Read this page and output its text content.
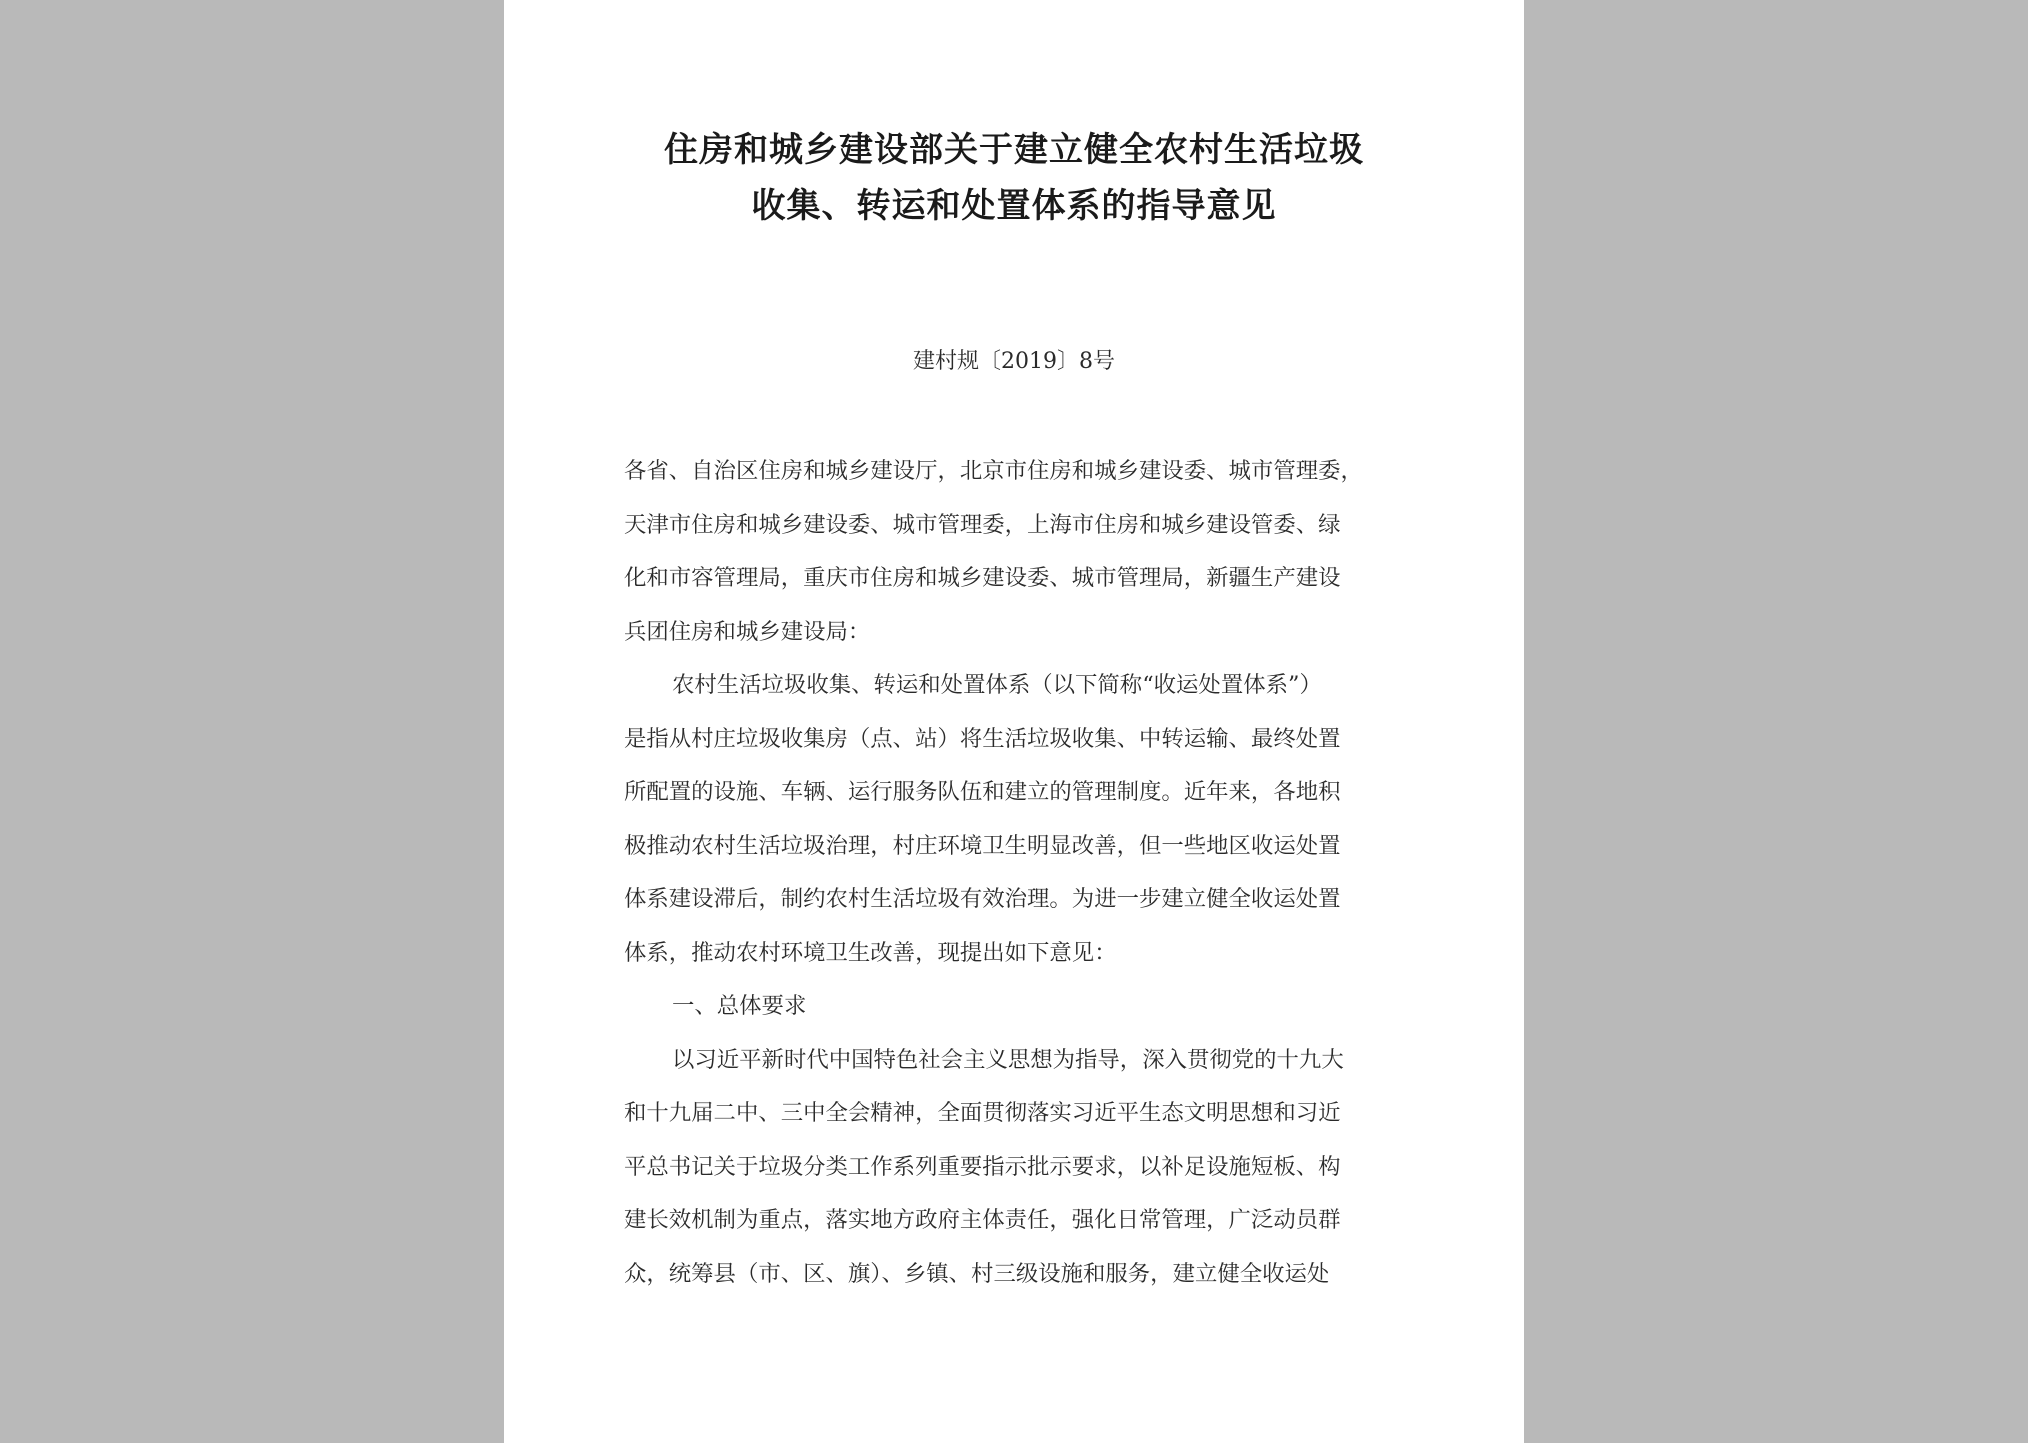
住房和城乡建设部关于建立健全农村生活垃圾
收集、转运和处置体系的指导意见
建村规〔2019〕8号
各省、自治区住房和城乡建设厅，北京市住房和城乡建设委、城市管理委，
天津市住房和城乡建设委、城市管理委，上海市住房和城乡建设管委、绿
化和市容管理局，重庆市住房和城乡建设委、城市管理局，新疆生产建设
兵团住房和城乡建设局：
农村生活垃圾收集、转运和处置体系（以下简称“收运处置体系”）
是指从村庄垃圾收集房（点、站）将生活垃圾收集、中转运输、最终处置
所配置的设施、车辆、运行服务队伍和建立的管理制度。近年来，各地积
极推动农村生活垃圾治理，村庄环境卫生明显改善，但一些地区收运处置
体系建设滞后，制约农村生活垃圾有效治理。为进一步建立健全收运处置
体系，推动农村环境卫生改善，现提出如下意见：
一、总体要求
以习近平新时代中国特色社会主义思想为指导，深入贯彻党的十九大
和十九届二中、三中全会精神，全面贯彻落实习近平生态文明思想和习近
平总书记关于垃圾分类工作系列重要指示批示要求，以补足设施短板、构
建长效机制为重点，落实地方政府主体责任，强化日常管理，广泛动员群
众，统筹县（市、区、旗）、乡镇、村三级设施和服务，建立健全收运处
